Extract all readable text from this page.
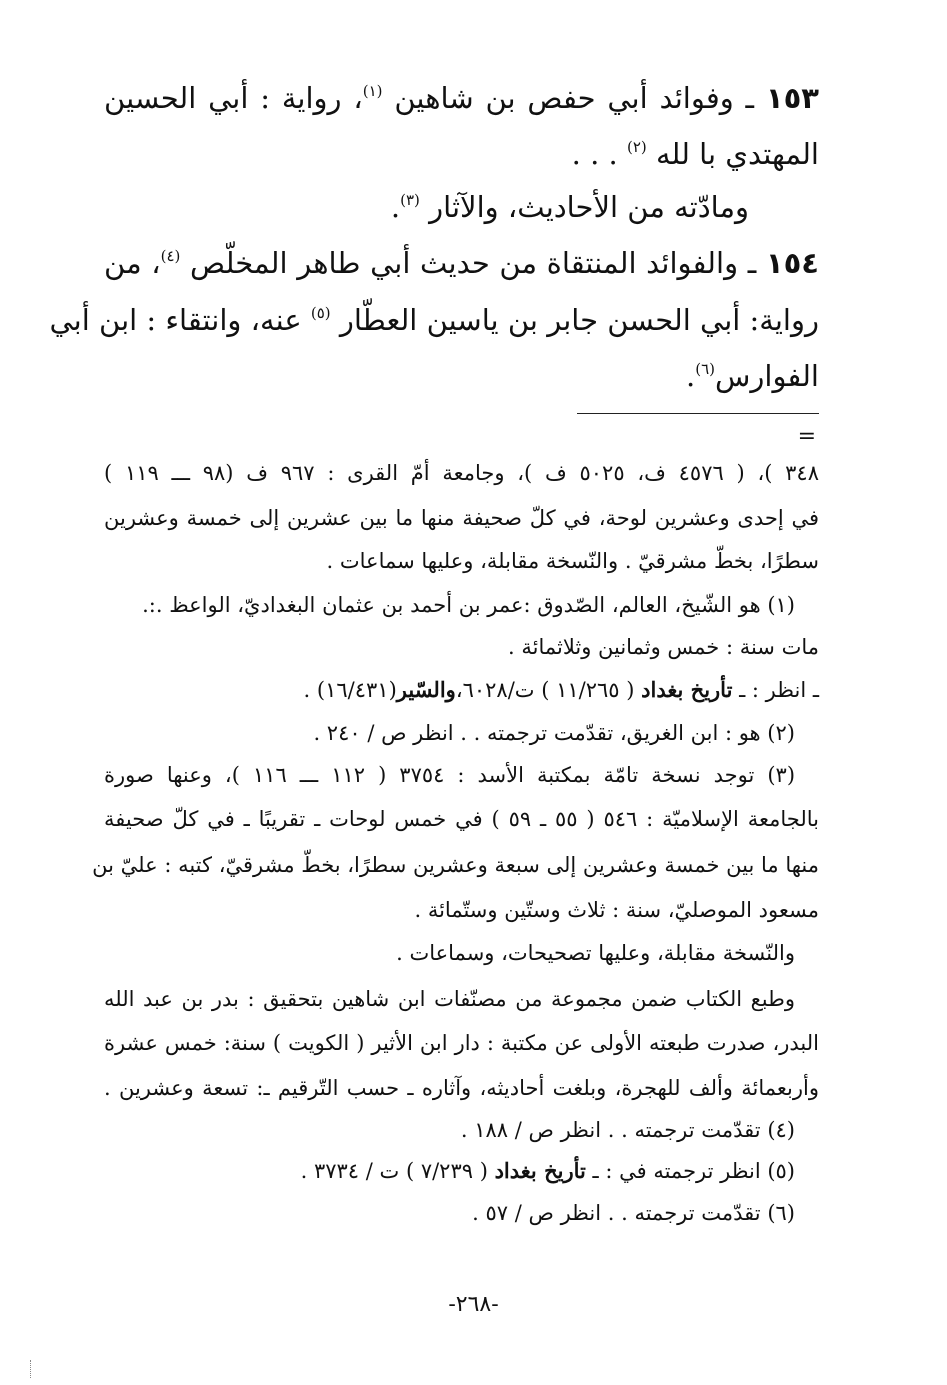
١٥٣ ـ وفوائد أبي حفص بن شاهين $^{(١)}$، رواية : أبي الحسين
المهتدي با لله $^{(٢)}$ . . .
ومادّته من الأحاديث، والآثار $^{(٣)}$.
١٥٤ ـ والفوائد المنتقاة من حديث أبي طاهر المخلّص $^{(٤)}$، من
رواية: أبي الحسن جابر بن ياسين العطّار $^{(٥)}$ عنه، وانتقاء : ابن أبي
الفوارس$^{(٦)}$.
=
٣٤٨ )، ( ٤٥٧٦ ف، ٥٠٢٥ ف )، وجامعة أمّ القرى : ٩٦٧ ف (٩٨ ـــ ١١٩ )
في إحدى وعشرين لوحة، في كلّ صحيفة منها ما بين عشرين إلى خمسة وعشرين
سطرًا، بخطّ مشرقيّ . والنّسخة مقابلة، وعليها سماعات .
(١) هو الشّيخ، العالم، الصّدوق :عمر بن أحمد بن عثمان البغداديّ، الواعظ .:.
مات سنة : خمس وثمانين وثلاثمائة .
ـ انظر : ـ تأريخ بغداد ( ١١/٢٦٥ ) ت/٦٠٢٨،والسّير(١٦/٤٣١) .
(٢) هو : ابن الغريق، تقدّمت ترجمته . . انظر ص / ٢٤٠ .
(٣) توجد نسخة تامّة بمكتبة الأسد : ٣٧٥٤ ( ١١٢ ـــ ١١٦ )، وعنها صورة
بالجامعة الإسلاميّة : ٥٤٦ ( ٥٥ ـ ٥٩ ) في خمس لوحات ـ تقريبًا ـ في كلّ صحيفة
منها ما بين خمسة وعشرين إلى سبعة وعشرين سطرًا، بخطّ مشرقيّ، كتبه : عليّ بن
مسعود الموصليّ، سنة : ثلاث وستّين وستّمائة .
والنّسخة مقابلة، وعليها تصحيحات، وسماعات .
وطبع الكتاب ضمن مجموعة من مصنّفات ابن شاهين بتحقيق : بدر بن عبد الله
البدر، صدرت طبعته الأولى عن مكتبة : دار ابن الأثير ( الكويت ) سنة: خمس عشرة
وأربعمائة وألف للهجرة، وبلغت أحاديثه، وآثاره ـ حسب التّرقيم ـ: تسعة وعشرين .
(٤) تقدّمت ترجمته . . انظر ص / ١٨٨ .
(٥) انظر ترجمته في : ـ تأريخ بغداد ( ٧/٢٣٩ ) ت / ٣٧٣٤ .
(٦) تقدّمت ترجمته . . انظر ص / ٥٧ .
-٢٦٨-
